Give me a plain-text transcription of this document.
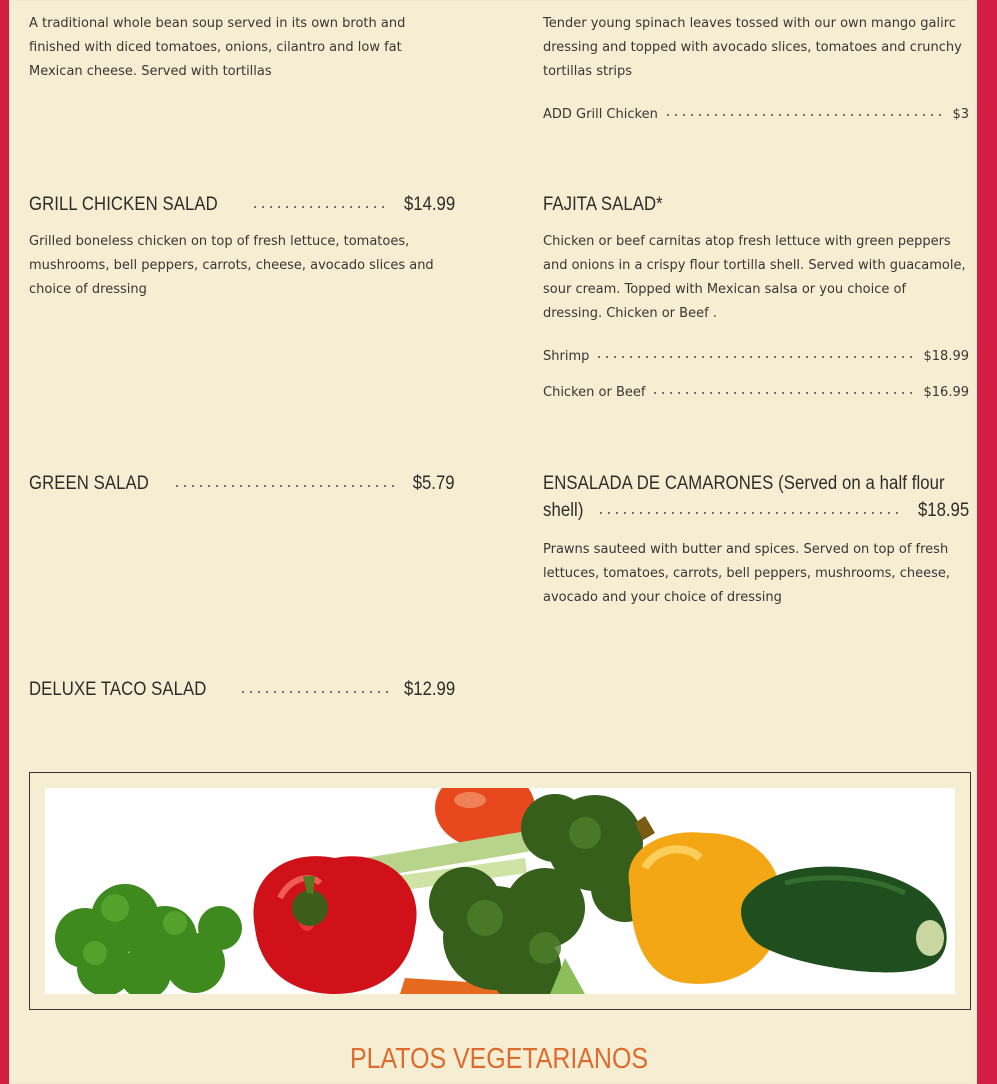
A traditional whole bean soup served in its own broth and finished with diced tomatoes, onions, cilantro and low fat Mexican cheese. Served with tortillas

GRILL CHICKEN SALAD	$14.99

Grilled boneless chicken on top of fresh lettuce, tomatoes, mushrooms, bell peppers, carrots, cheese, avocado slices and choice of dressing

GREEN SALAD	$5.79
DELUXE TACO SALAD	$12.99

Tender young spinach leaves tossed with our own mango galirc dressing and topped with avocado slices, tomatoes and crunchy tortillas strips

ADD Grill Chicken	$3
FAJITA SALAD*

Chicken or beef carnitas atop fresh lettuce with green peppers and onions in a crispy flour tortilla shell. Served with guacamole, sour cream. Topped with Mexican salsa or you choice of dressing. Chicken or Beef .

Shrimp	$18.99
Chicken or Beef	$16.99
ENSALADA DE CAMARONES (Served on a half flour
shell)	$18.95

Prawns sauteed with butter and spices. Served on top of fresh lettuces, tomatoes, carrots, bell peppers, mushrooms, cheese, avocado and your choice of dressing

PLATOS VEGETARIANOS
